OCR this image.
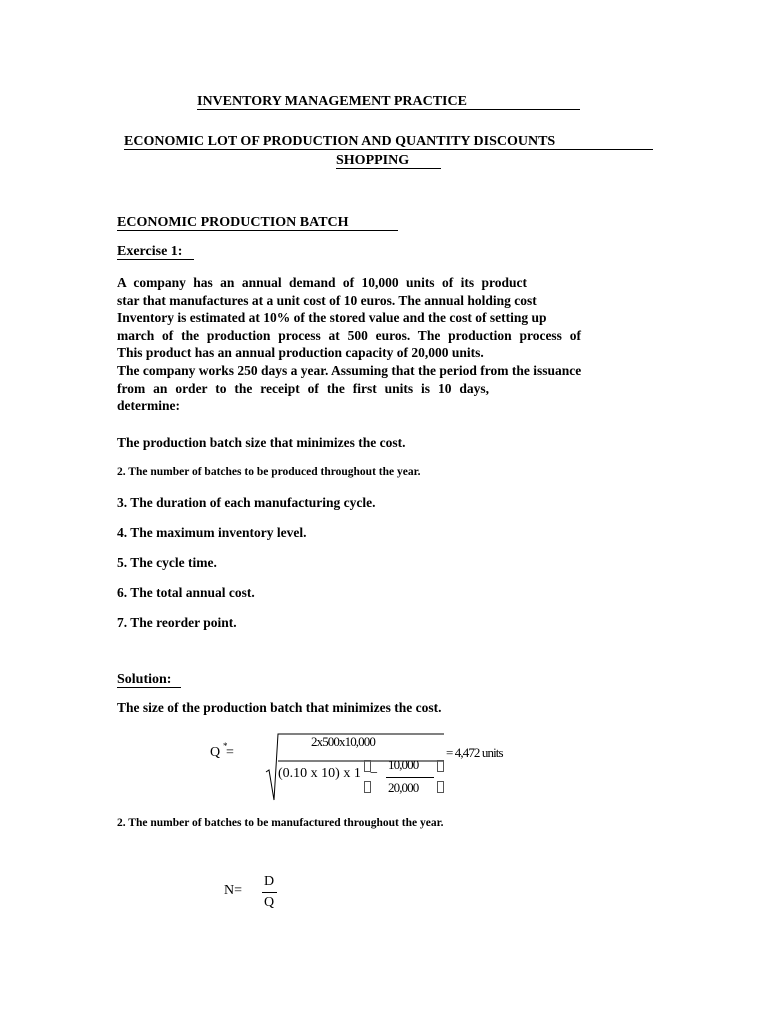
INVENTORY MANAGEMENT PRACTICE
ECONOMIC LOT OF PRODUCTION AND QUANTITY DISCOUNTS
SHOPPING
ECONOMIC PRODUCTION BATCH
Exercise 1:
A company has an annual demand of 10,000 units of its product
star that manufactures at a unit cost of 10 euros. The annual holding cost
Inventory is estimated at 10% of the stored value and the cost of setting up
march of the production process at 500 euros. The production process of
This product has an annual production capacity of 20,000 units.
The company works 250 days a year. Assuming that the period from the issuance
from an order to the receipt of the first units is 10 days,
determine:
The production batch size that minimizes the cost.
2. The number of batches to be produced throughout the year.
3. The duration of each manufacturing cycle.
4. The maximum inventory level.
5. The cycle time.
6. The total annual cost.
7. The reorder point.
Solution:
The size of the production batch that minimizes the cost.
Q *
=
2x500x10,000
(0.10 x 10) x 1 −
10,000
20,000
= 4,472 units
2. The number of batches to be manufactured throughout the year.
N=
D
Q
